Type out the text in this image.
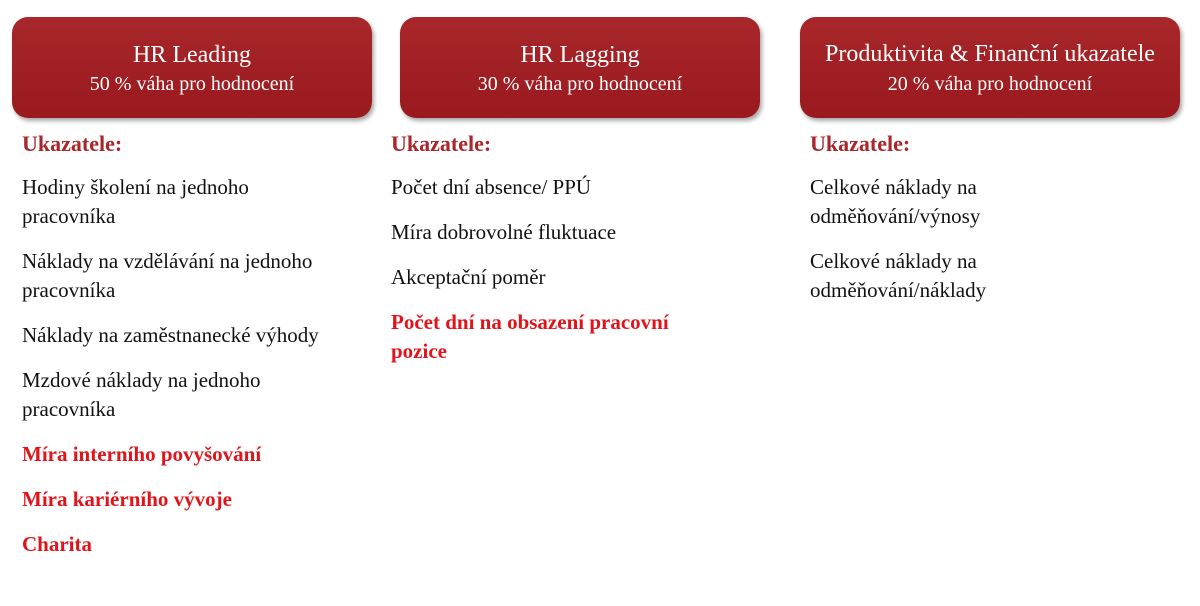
HR Leading
50 % váha pro hodnocení
Ukazatele:
Hodiny školení na jednoho pracovníka
Náklady na vzdělávání na jednoho pracovníka
Náklady na zaměstnanecké výhody
Mzdové náklady na jednoho pracovníka
Míra interního povyšování
Míra kariérního vývoje
Charita
HR Lagging
30 % váha pro hodnocení
Ukazatele:
Počet dní absence/ PPÚ
Míra dobrovolné fluktuace
Akceptační poměr
Počet dní na obsazení pracovní pozice
Produktivita & Finanční ukazatele
20 % váha pro hodnocení
Ukazatele:
Celkové náklady na odměňování/výnosy
Celkové náklady na odměňování/náklady
